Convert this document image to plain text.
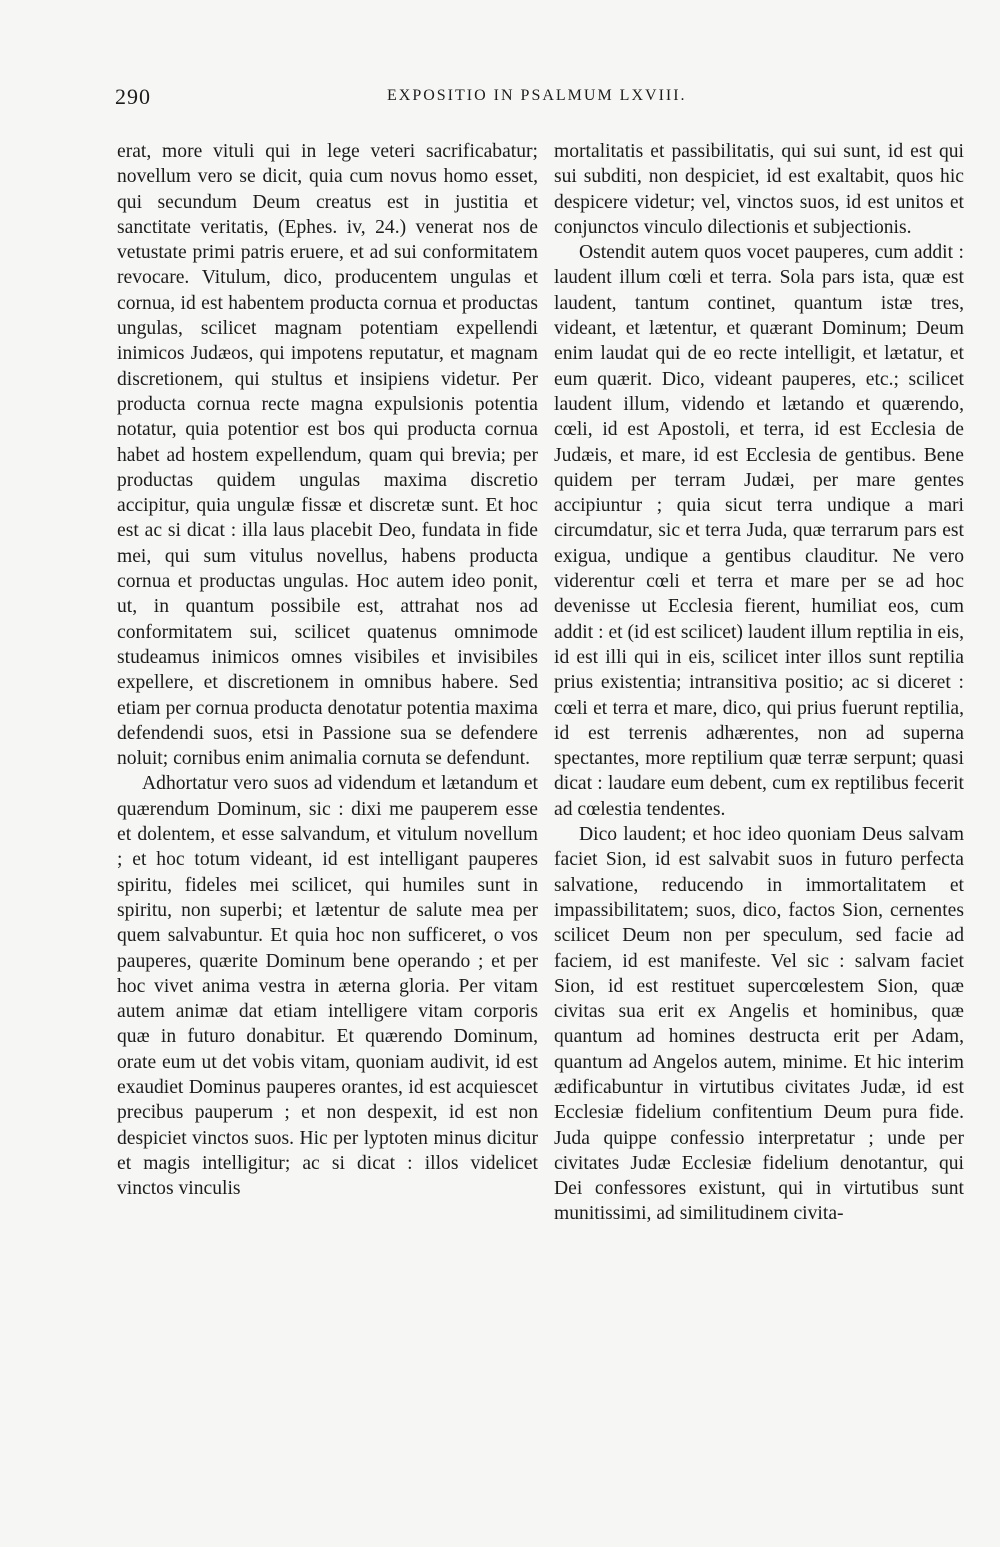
290	EXPOSITIO IN PSALMUM LXVIII.

erat, more vituli qui in lege veteri sacrificabatur; novellum vero se dicit, quia cum novus homo esset, qui secundum Deum creatus est in justitia et sanctitate veritatis, (Ephes. iv, 24.) venerat nos de vetustate primi patris eruere, et ad sui conformitatem revocare. Vitulum, dico, producentem ungulas et cornua, id est habentem producta cornua et productas ungulas, scilicet magnam potentiam expellendi inimicos Judæos, qui impotens reputatur, et magnam discretionem, qui stultus et insipiens videtur. Per producta cornua recte magna expulsionis potentia notatur, quia potentior est bos qui producta cornua habet ad hostem expellendum, quam qui brevia; per productas quidem ungulas maxima discretio accipitur, quia ungulæ fissæ et discretæ sunt. Et hoc est ac si dicat : illa laus placebit Deo, fundata in fide mei, qui sum vitulus novellus, habens producta cornua et productas ungulas. Hoc autem ideo ponit, ut, in quantum possibile est, attrahat nos ad conformitatem sui, scilicet quatenus omnimode studeamus inimicos omnes visibiles et invisibiles expellere, et discretionem in omnibus habere. Sed etiam per cornua producta denotatur potentia maxima defendendi suos, etsi in Passione sua se defendere noluit; cornibus enim animalia cornuta se defendunt.

Adhortatur vero suos ad videndum et lætandum et quærendum Dominum, sic : dixi me pauperem esse et dolentem, et esse salvandum, et vitulum novellum ; et hoc totum videant, id est intelligant pauperes spiritu, fideles mei scilicet, qui humiles sunt in spiritu, non superbi; et lætentur de salute mea per quem salvabuntur. Et quia hoc non sufficeret, o vos pauperes, quærite Dominum bene operando ; et per hoc vivet anima vestra in æterna gloria. Per vitam autem animæ dat etiam intelligere vitam corporis quæ in futuro donabitur. Et quærendo Dominum, orate eum ut det vobis vitam, quoniam audivit, id est exaudiet Dominus pauperes orantes, id est acquiescet precibus pauperum ; et non despexit, id est non despiciet vinctos suos. Hic per lyptoten minus dicitur et magis intelligitur; ac si dicat : illos videlicet vinctos vinculis

mortalitatis et passibilitatis, qui sui sunt, id est qui sui subditi, non despiciet, id est exaltabit, quos hic despicere videtur; vel, vinctos suos, id est unitos et conjunctos vinculo dilectionis et subjectionis.

Ostendit autem quos vocet pauperes, cum addit : laudent illum cœli et terra. Sola pars ista, quæ est laudent, tantum continet, quantum istæ tres, videant, et lætentur, et quærant Dominum; Deum enim laudat qui de eo recte intelligit, et lætatur, et eum quærit. Dico, videant pauperes, etc.; scilicet laudent illum, videndo et lætando et quærendo, cœli, id est Apostoli, et terra, id est Ecclesia de Judæis, et mare, id est Ecclesia de gentibus. Bene quidem per terram Judæi, per mare gentes accipiuntur ; quia sicut terra undique a mari circumdatur, sic et terra Juda, quæ terrarum pars est exigua, undique a gentibus clauditur. Ne vero viderentur cœli et terra et mare per se ad hoc devenisse ut Ecclesia fierent, humiliat eos, cum addit : et (id est scilicet) laudent illum reptilia in eis, id est illi qui in eis, scilicet inter illos sunt reptilia prius existentia; intransitiva positio; ac si diceret : cœli et terra et mare, dico, qui prius fuerunt reptilia, id est terrenis adhærentes, non ad superna spectantes, more reptilium quæ terræ serpunt; quasi dicat : laudare eum debent, cum ex reptilibus fecerit ad cœlestia tendentes.

Dico laudent; et hoc ideo quoniam Deus salvam faciet Sion, id est salvabit suos in futuro perfecta salvatione, reducendo in immortalitatem et impassibilitatem; suos, dico, factos Sion, cernentes scilicet Deum non per speculum, sed facie ad faciem, id est manifeste. Vel sic : salvam faciet Sion, id est restituet supercœlestem Sion, quæ civitas sua erit ex Angelis et hominibus, quæ quantum ad homines destructa erit per Adam, quantum ad Angelos autem, minime. Et hic interim ædificabuntur in virtutibus civitates Judæ, id est Ecclesiæ fidelium confitentium Deum pura fide. Juda quippe confessio interpretatur ; unde per civitates Judæ Ecclesiæ fidelium denotantur, qui Dei confessores existunt, qui in virtutibus sunt munitissimi, ad similitudinem civita-
